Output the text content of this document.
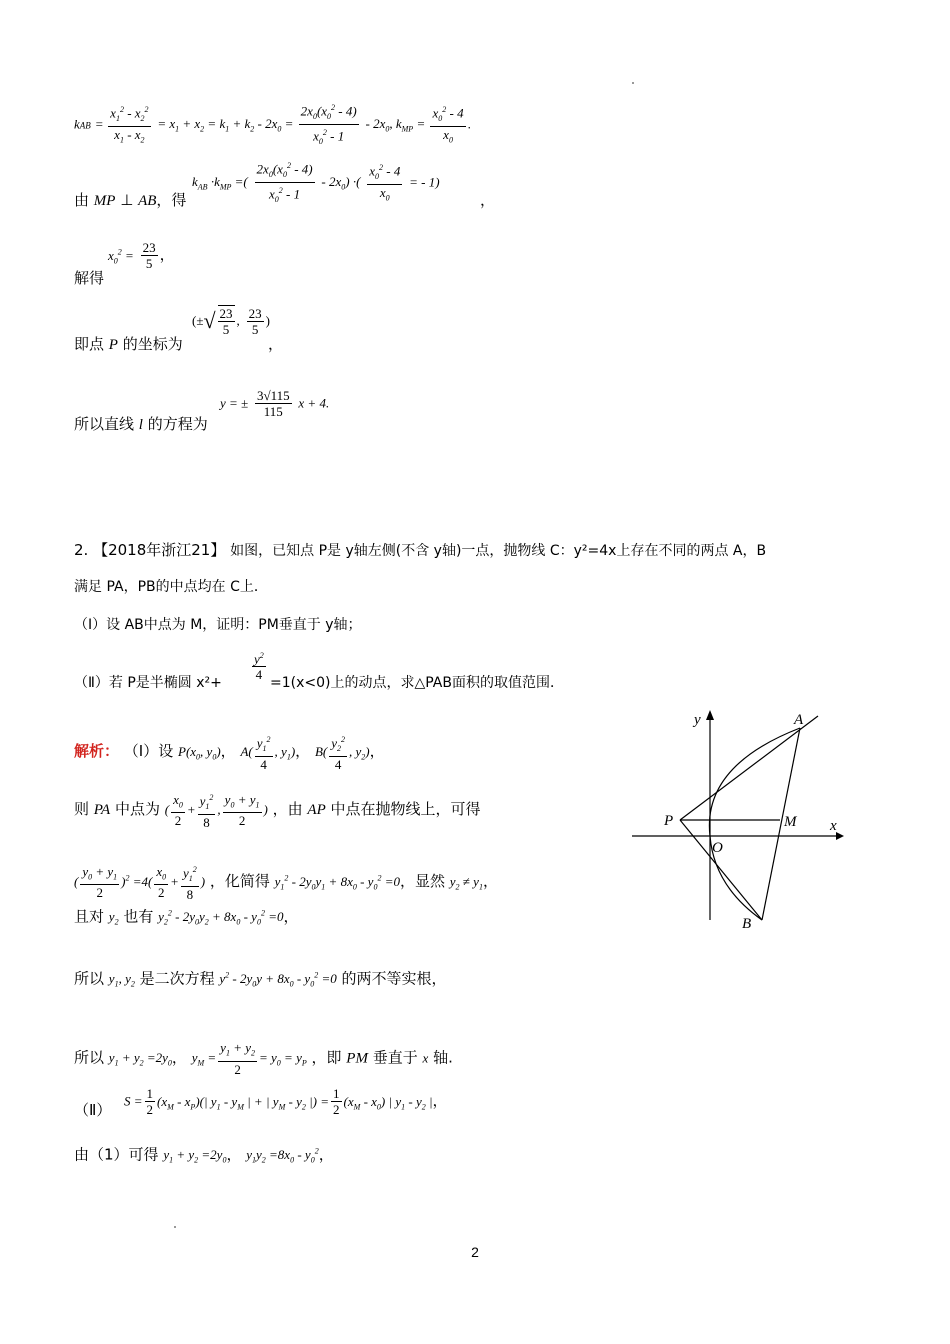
kAB = $\frac{x_1^2 - x_2^2}{x_1 - x_2} = x_1 + x_2 = k_1 + k_2 - 2x_0 = \frac{2x_0(x_0^2 - 4)}{x_0^2 - 1} - 2x_0$, $k_{MP} = \frac{x_0^2 - 4}{x_0}$ .
由 MP ⊥ AB，得
$k_{AB} \cdot k_{MP}$ =( $\frac{2x_0(x_0^2 - 4)}{x_0^2 - 1} - 2x_0$) ·( $\frac{x_0^2 - 4}{x_0}$ = - 1)
，
解得
$x_0^2 = \frac{23}{5}$ ，
即点 P 的坐标为
(±√ $\frac{23}{5}$ , $\frac{23}{5}$ )
，
所以直线 l 的方程为
y = ± $\frac{3√115}{115}$ x + 4.
2. 【2018年浙江21】 如图，已知点 P是 y轴左侧(不含 y轴)一点，抛物线 C：y²=4x上存在不同的两点 A，B
满足 PA，PB的中点均在 C上．
（Ⅰ）设 AB中点为 M，证明：PM垂直于 y轴；
（Ⅱ）若 P是半椭圆 x²+
$\frac{y^2}{4}$
=1(x<0)上的动点，求△PAB面积的取值范围．
解析： （Ⅰ）设 $P(x_0$, $y_0$)， $A( \frac{y_1^2}{4}$ , $y_1$)， $B( \frac{y_2^2}{4}$ , $y_2$)，
则 PA 中点为 ( $\frac{x_0}{2} + \frac{y_1^2}{8}$ , $\frac{y_0 + y_1}{2}$ ) ，由 AP 中点在抛物线上，可得
( $\frac{y_0 + y_1}{2} )^2 =4( \frac{x_0}{2} + \frac{y_1^2}{8}$ ) ，化简得 $y_1^2 - 2y_0y_1 + 8x_0 - y_0^2 =0$，显然 $y_2 \ne y_1$，
且对 $y_2$ 也有 $y_2^2 - 2y_0y_2 + 8x_0 - y_0^2 =0$，
所以 $y_1$, $y_2$ 是二次方程 $y^2 - 2y_0y + 8x_0 - y_0^2 =0$ 的两不等实根，
所以 $y_1 + y_2 =2y_0$， $y_M = \frac{y_1 + y_2}{2} = y_0 = y_P$ ，即 PM 垂直于 x 轴.
（Ⅱ） $S = \frac{1}{2} (x_M - x_P)(|$ $y_1 - y_M$ | + | $y_M - y_2$ |) = $\frac{1}{2} (x_M - x_0)$ | $y_1 - y_2$ |，
由（1）可得 $y_1 + y_2 =2y_0$， $y_1y_2 =8x_0 - y_0^2$，
y
x
A
B
P	M
O
2
